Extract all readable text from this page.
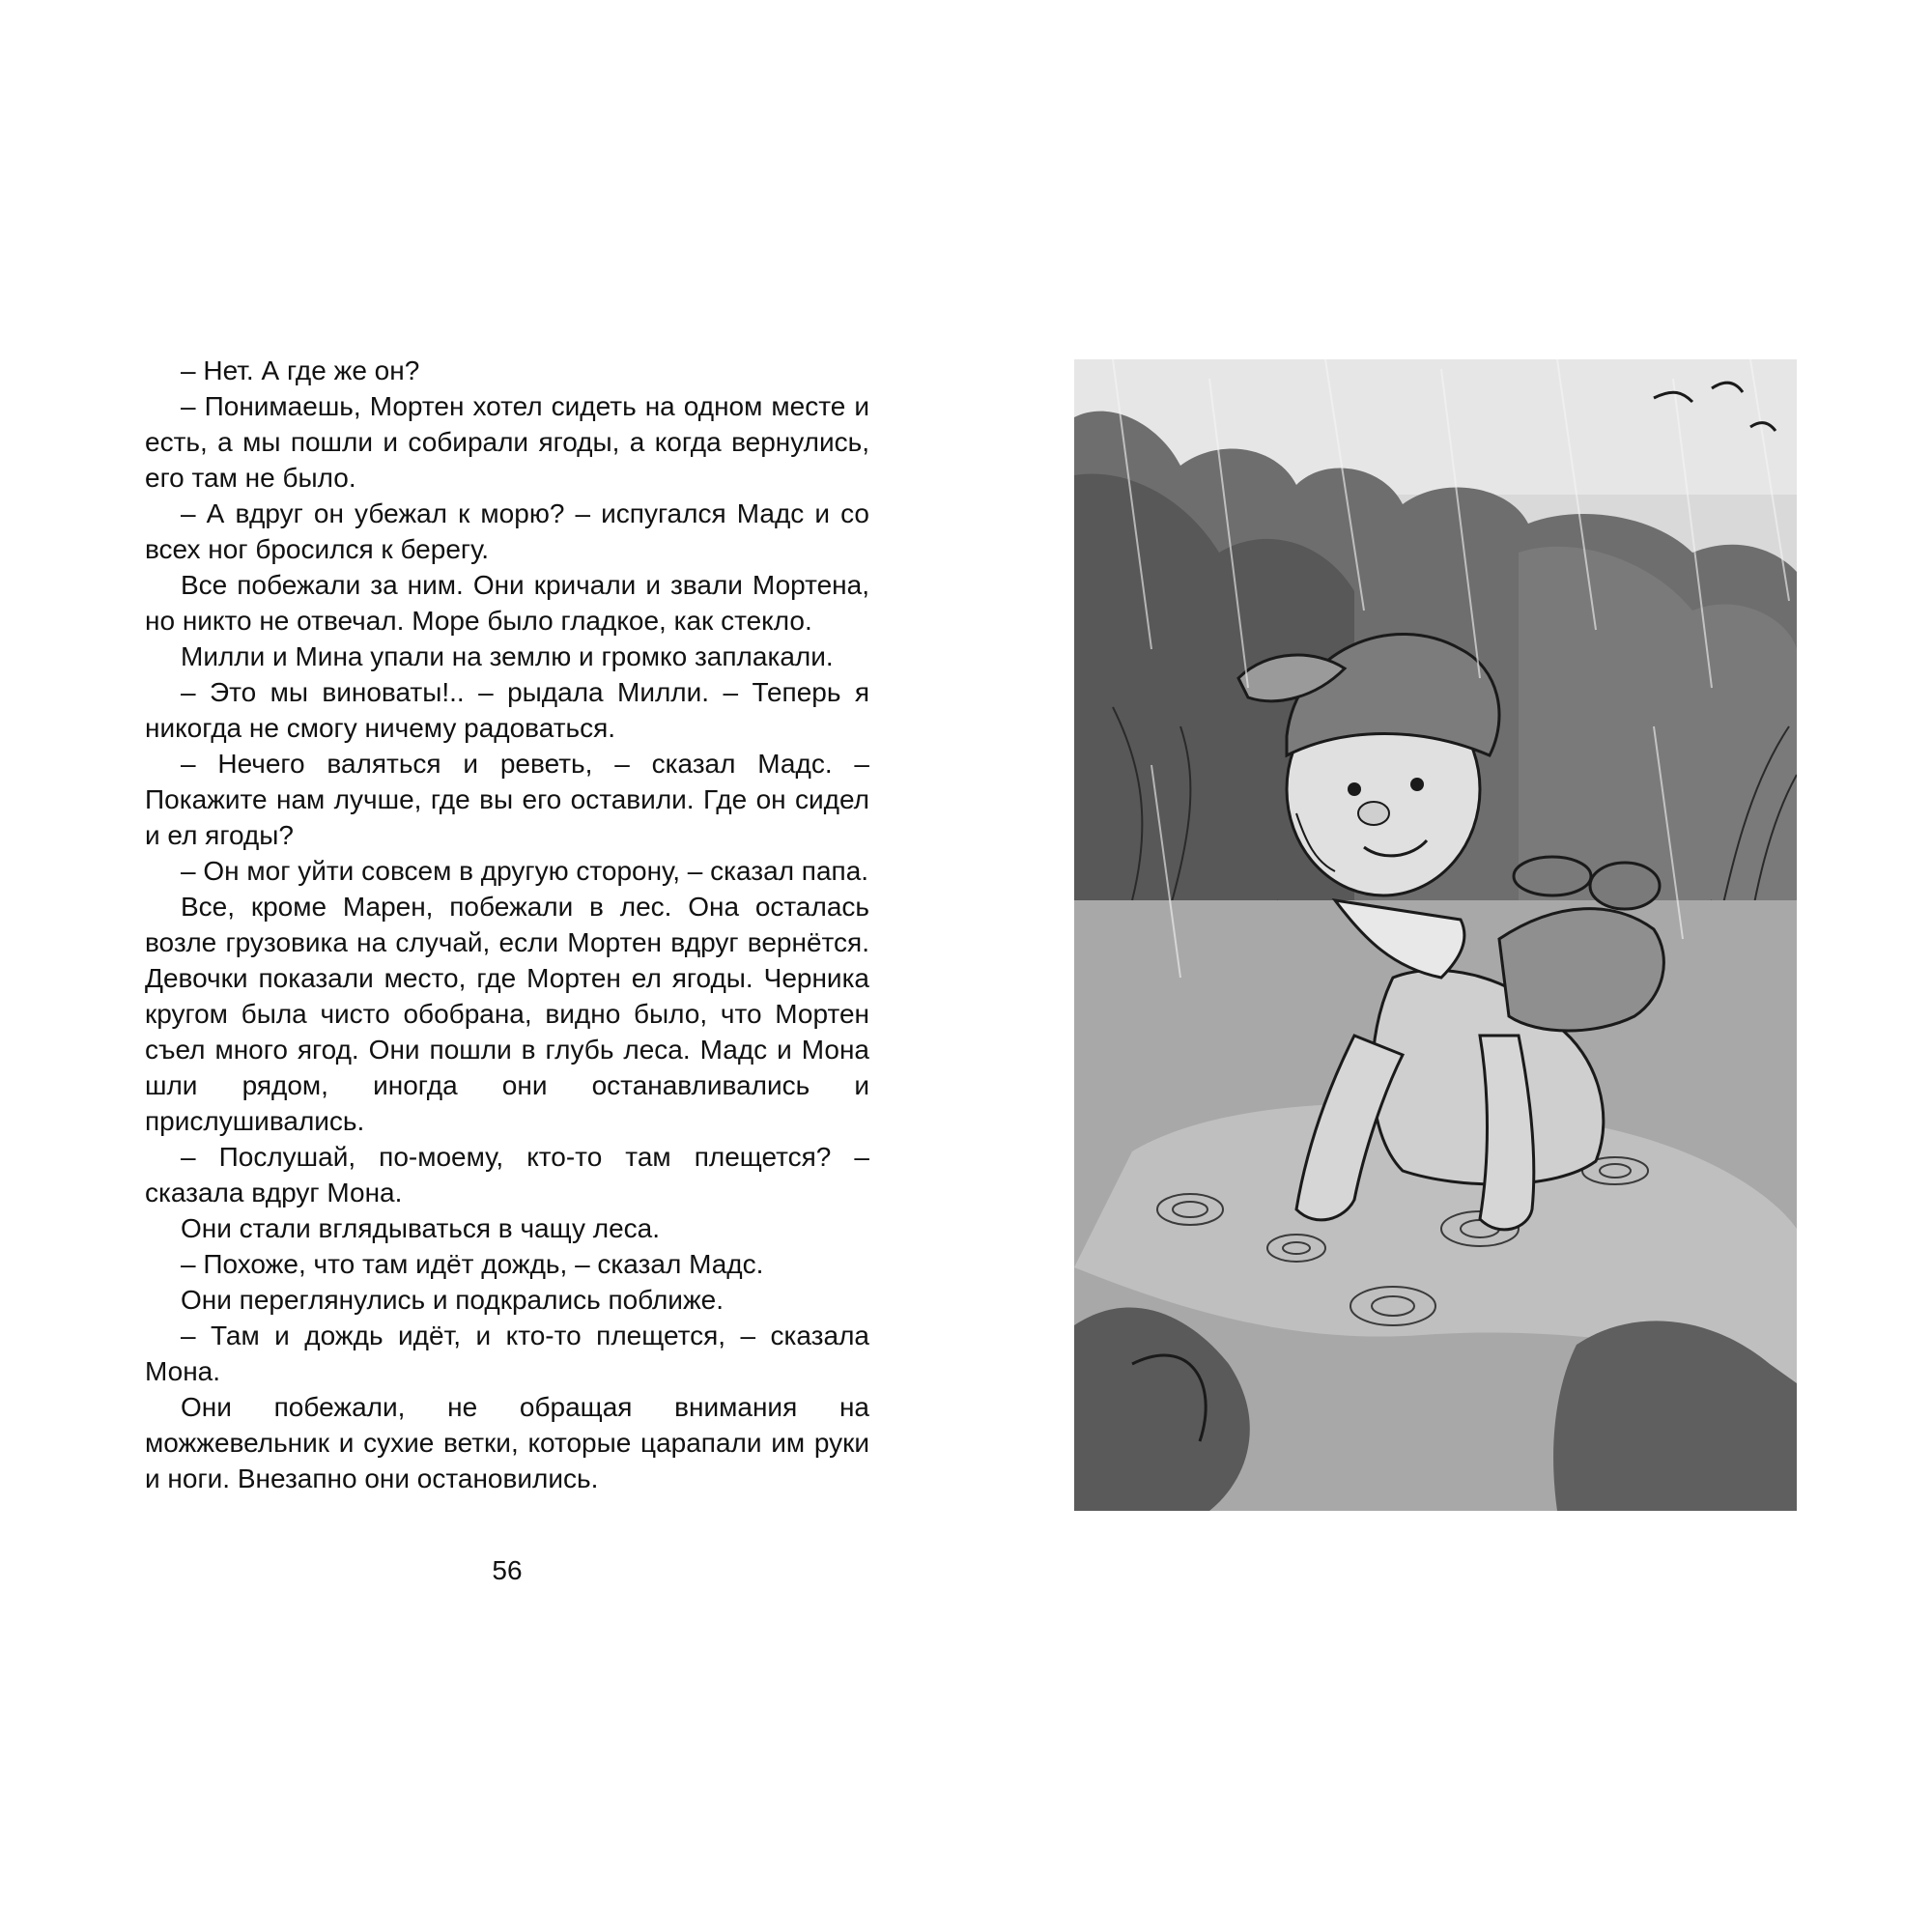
– Нет. А где же он?

– Понимаешь, Мортен хотел сидеть на одном месте и есть, а мы пошли и собирали ягоды, а когда вернулись, его там не было.

– А вдруг он убежал к морю? – испугался Мадс и со всех ног бросился к берегу.

Все побежали за ним. Они кричали и звали Мортена, но никто не отвечал. Море было гладкое, как стекло.

Милли и Мина упали на землю и громко заплакали.

– Это мы виноваты!.. – рыдала Милли. – Теперь я никогда не смогу ничему радоваться.

– Нечего валяться и реветь, – сказал Мадс. – Покажите нам лучше, где вы его оставили. Где он сидел и ел ягоды?

– Он мог уйти совсем в другую сторону, – сказал папа.

Все, кроме Марен, побежали в лес. Она осталась возле грузовика на случай, если Мортен вдруг вернётся. Девочки показали место, где Мортен ел ягоды. Черника кругом была чисто обобрана, видно было, что Мортен съел много ягод. Они пошли в глубь леса. Мадс и Мона шли рядом, иногда они останавливались и прислушивались.

– Послушай, по-моему, кто-то там плещется? – сказала вдруг Мона.

Они стали вглядываться в чащу леса.

– Похоже, что там идёт дождь, – сказал Мадс.

Они переглянулись и подкрались поближе.

– Там и дождь идёт, и кто-то плещется, – сказала Мона.

Они побежали, не обращая внимания на можжевельник и сухие ветки, которые царапали им руки и ноги. Внезапно они остановились.

56
